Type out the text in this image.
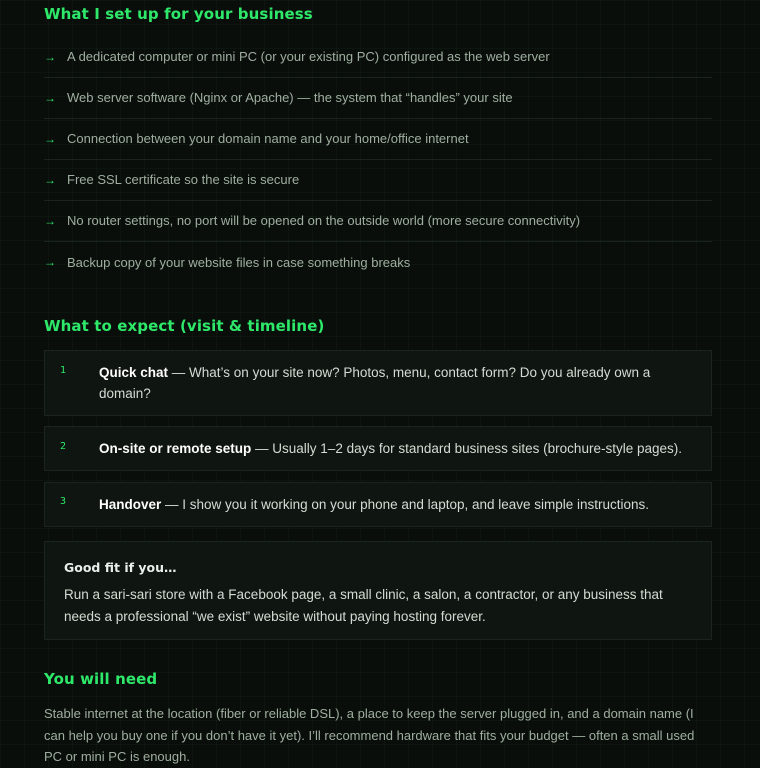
What I set up for your business
→ A dedicated computer or mini PC (or your existing PC) configured as the web server
→ Web server software (Nginx or Apache) — the system that “handles” your site
→ Connection between your domain name and your home/office internet
→ Free SSL certificate so the site is secure
→ No router settings, no port will be opened on the outside world (more secure connectivity)
→ Backup copy of your website files in case something breaks
What to expect (visit & timeline)
1 Quick chat — What’s on your site now? Photos, menu, contact form? Do you already own a domain?
2 On-site or remote setup — Usually 1–2 days for standard business sites (brochure-style pages).
3 Handover — I show you it working on your phone and laptop, and leave simple instructions.
Good fit if you…
Run a sari-sari store with a Facebook page, a small clinic, a salon, a contractor, or any business that needs a professional “we exist” website without paying hosting forever.
You will need
Stable internet at the location (fiber or reliable DSL), a place to keep the server plugged in, and a domain name (I can help you buy one if you don’t have it yet). I’ll recommend hardware that fits your budget — often a small used PC or mini PC is enough.
